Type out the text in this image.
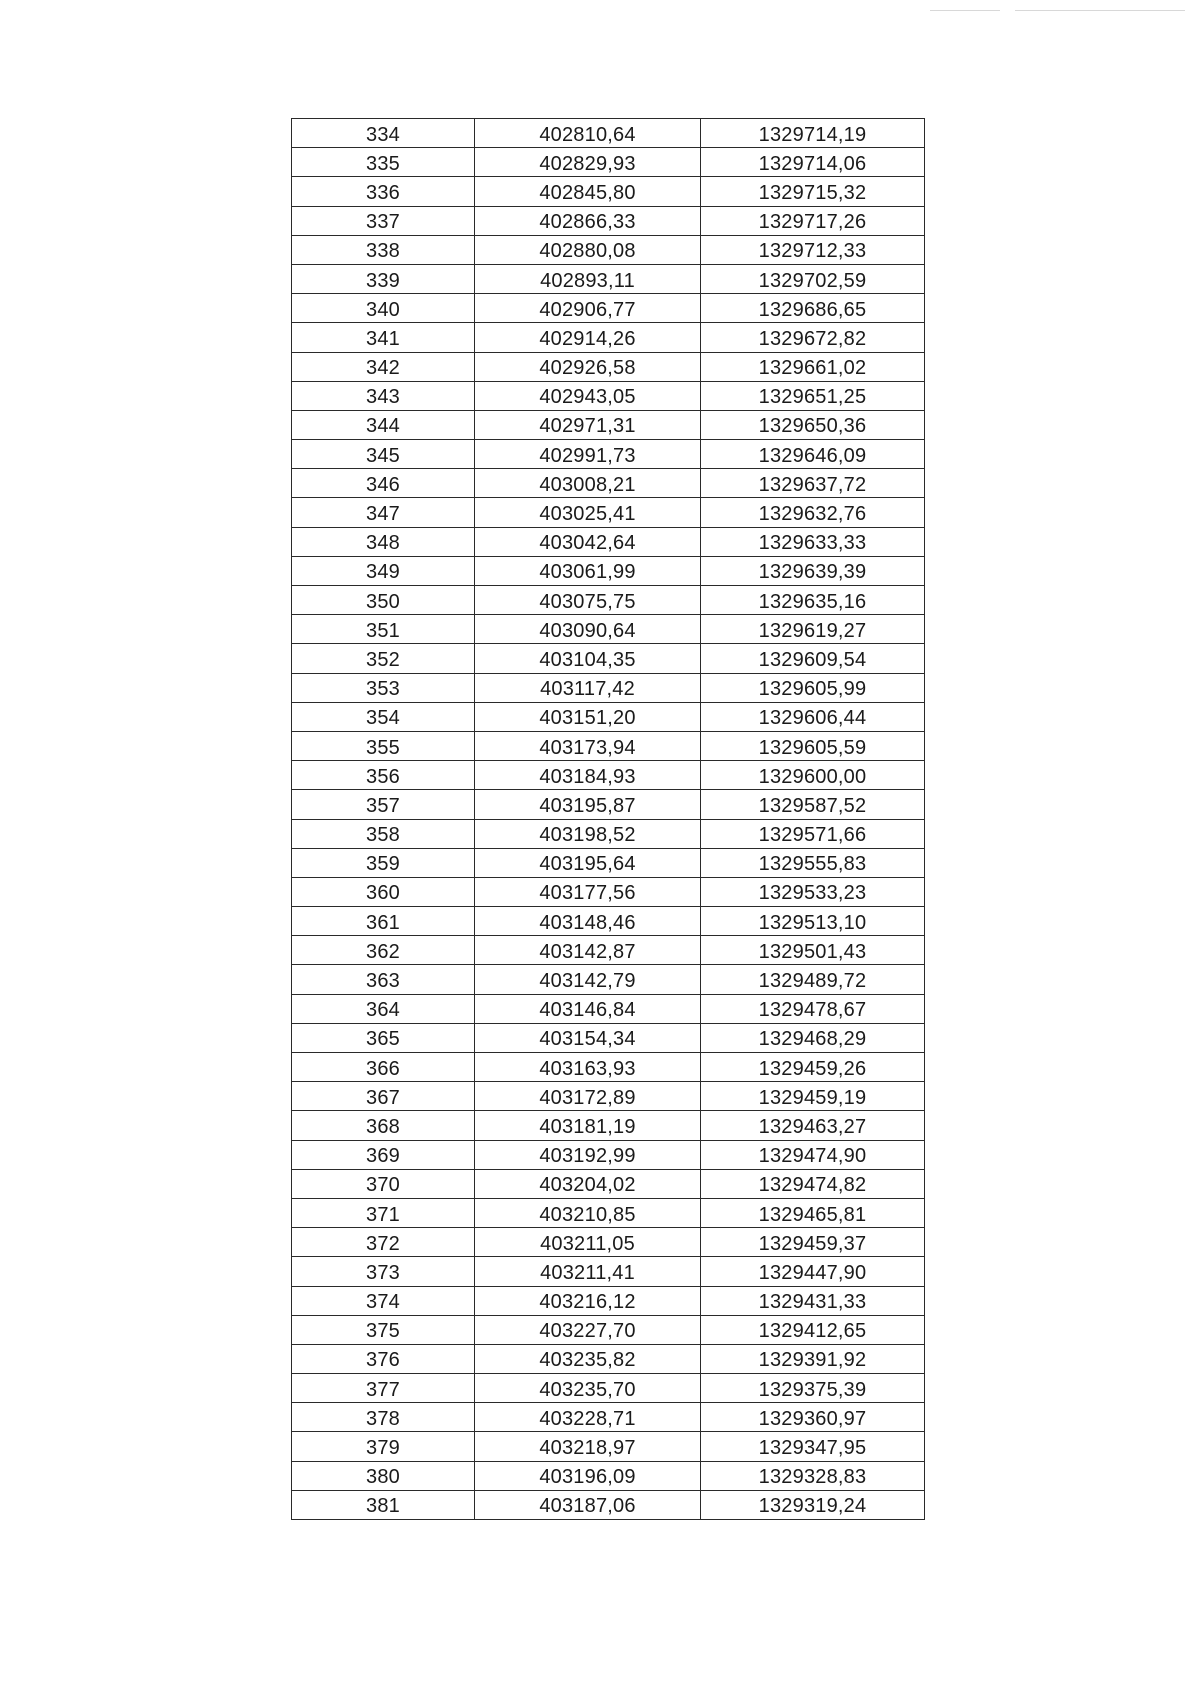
334	402810,64	1329714,19
335	402829,93	1329714,06
336	402845,80	1329715,32
337	402866,33	1329717,26
338	402880,08	1329712,33
339	402893,11	1329702,59
340	402906,77	1329686,65
341	402914,26	1329672,82
342	402926,58	1329661,02
343	402943,05	1329651,25
344	402971,31	1329650,36
345	402991,73	1329646,09
346	403008,21	1329637,72
347	403025,41	1329632,76
348	403042,64	1329633,33
349	403061,99	1329639,39
350	403075,75	1329635,16
351	403090,64	1329619,27
352	403104,35	1329609,54
353	403117,42	1329605,99
354	403151,20	1329606,44
355	403173,94	1329605,59
356	403184,93	1329600,00
357	403195,87	1329587,52
358	403198,52	1329571,66
359	403195,64	1329555,83
360	403177,56	1329533,23
361	403148,46	1329513,10
362	403142,87	1329501,43
363	403142,79	1329489,72
364	403146,84	1329478,67
365	403154,34	1329468,29
366	403163,93	1329459,26
367	403172,89	1329459,19
368	403181,19	1329463,27
369	403192,99	1329474,90
370	403204,02	1329474,82
371	403210,85	1329465,81
372	403211,05	1329459,37
373	403211,41	1329447,90
374	403216,12	1329431,33
375	403227,70	1329412,65
376	403235,82	1329391,92
377	403235,70	1329375,39
378	403228,71	1329360,97
379	403218,97	1329347,95
380	403196,09	1329328,83
381	403187,06	1329319,24
